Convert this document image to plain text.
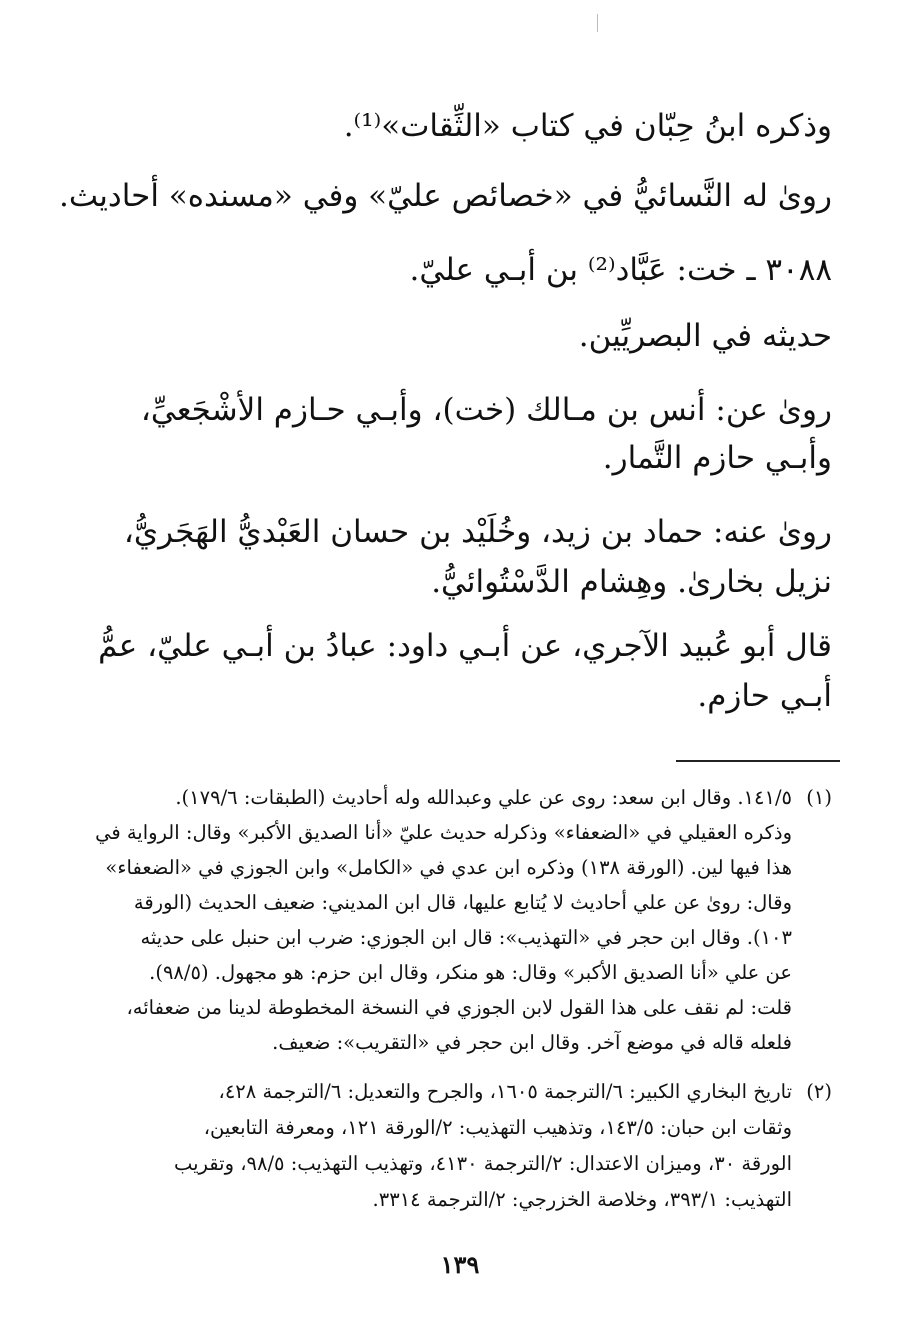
وذكره ابنُ حِبّان في كتاب «الثِّقات»⁽¹⁾.
روىٰ له النَّسائيُّ في «خصائص عليّ» وفي «مسنده» أحاديث.
٣٠٨٨ ـ خت: عَبَّاد⁽²⁾ بن أبـي عليّ.
حديثه في البصريِّين.
روىٰ عن: أنس بن مـالك (خت)، وأبـي حـازم الأشْجَعيِّ،
وأبـي حازم التَّمار.
روىٰ عنه: حماد بن زيد، وخُلَيْد بن حسان العَبْديُّ الهَجَريُّ،
نزيل بخارىٰ. وهِشام الدَّسْتُوائيُّ.
قال أبو عُبيد الآجري، عن أبـي داود: عبادُ بن أبـي عليّ، عمُّ
أبـي حازم.
(١)
١٤١/٥. وقال ابن سعد: روى عن علي وعبدالله وله أحاديث (الطبقات: ١٧٩/٦).
وذكره العقيلي في «الضعفاء» وذكرله حديث عليّ «أنا الصديق الأكبر» وقال: الرواية في
هذا فيها لين. (الورقة ١٣٨) وذكره ابن عدي في «الكامل» وابن الجوزي في «الضعفاء»
وقال: روىٰ عن علي أحاديث لا يُتابع عليها، قال ابن المديني: ضعيف الحديث (الورقة
١٠٣). وقال ابن حجر في «التهذيب»: قال ابن الجوزي: ضرب ابن حنبل على حديثه
عن علي «أنا الصديق الأكبر» وقال: هو منكر، وقال ابن حزم: هو مجهول. (٩٨/٥).
قلت: لم نقف على هذا القول لابن الجوزي في النسخة المخطوطة لدينا من ضعفائه،
فلعله قاله في موضع آخر. وقال ابن حجر في «التقريب»: ضعيف.
(٢)
تاريخ البخاري الكبير: ٦/الترجمة ١٦٠٥، والجرح والتعديل: ٦/الترجمة ٤٢٨،
وثقات ابن حبان: ١٤٣/٥، وتذهيب التهذيب: ٢/الورقة ١٢١، ومعرفة التابعين،
الورقة ٣٠، وميزان الاعتدال: ٢/الترجمة ٤١٣٠، وتهذيب التهذيب: ٩٨/٥، وتقريب
التهذيب: ٣٩٣/١، وخلاصة الخزرجي: ٢/الترجمة ٣٣١٤.
١٣٩
